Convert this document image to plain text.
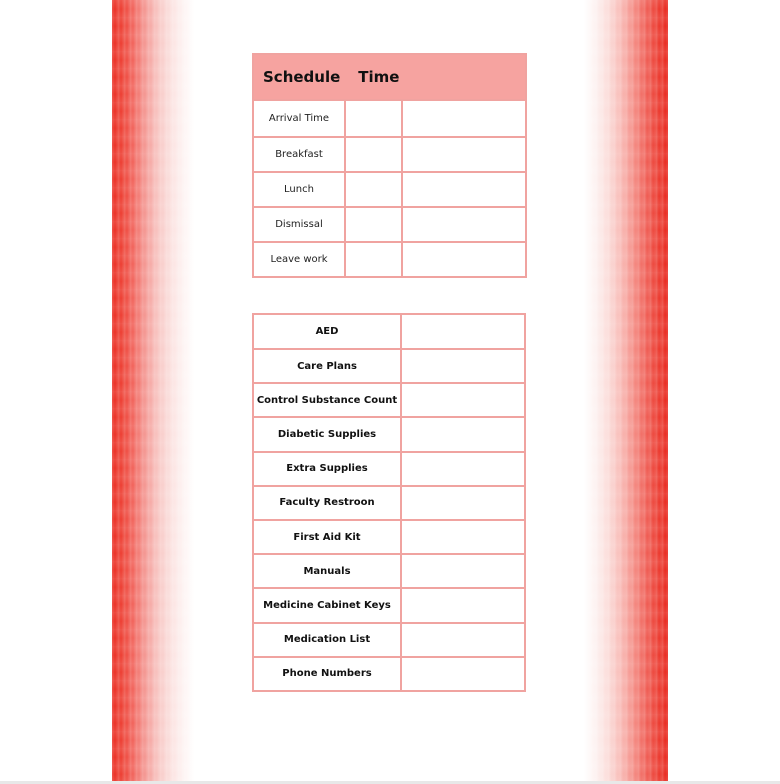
Schedule Time
Arrival Time
Breakfast
Lunch
Dismissal
Leave work
AED
Care Plans
Control Substance Count
Diabetic Supplies
Extra Supplies
Faculty Restroon
First Aid Kit
Manuals
Medicine Cabinet Keys
Medication List
Phone Numbers
